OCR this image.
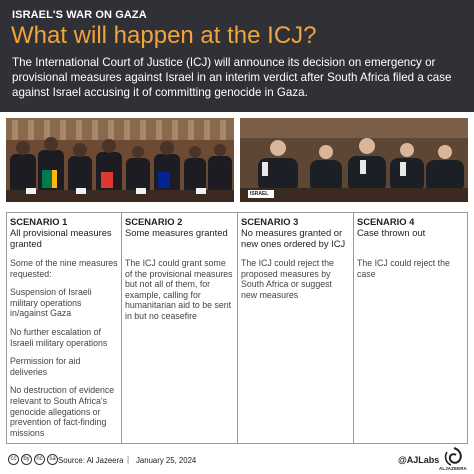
ISRAEL'S WAR ON GAZA
What will happen at the ICJ?
The International Court of Justice (ICJ) will announce its decision on emergency or provisional measures against Israel in an interim verdict after South Africa filed a case against Israel accusing it of committing genocide in Gaza.
ISRAEL
SCENARIO 1
All provisional measures granted

Some of the nine measures requested:

Suspension of Israeli military operations in/against Gaza

No further escalation of Israeli military operations

Permission for aid deliveries

No destruction of evidence relevant to South Africa's genocide allegations or prevention of fact-finding missions

SCENARIO 2
Some measures granted

The ICJ could grant some of the provisional measures but not all of them, for example, calling for humanitarian aid to be sent in but no ceasefire

SCENARIO 3
No measures granted or new ones ordered by ICJ

The ICJ could reject the proposed measures by South Africa or suggest new measures

SCENARIO 4
Case thrown out

The ICJ could reject the case

cc	by	nc	sa Source: Al Jazeera | January 25, 2024	@AJLabs
ALJAZEERA
